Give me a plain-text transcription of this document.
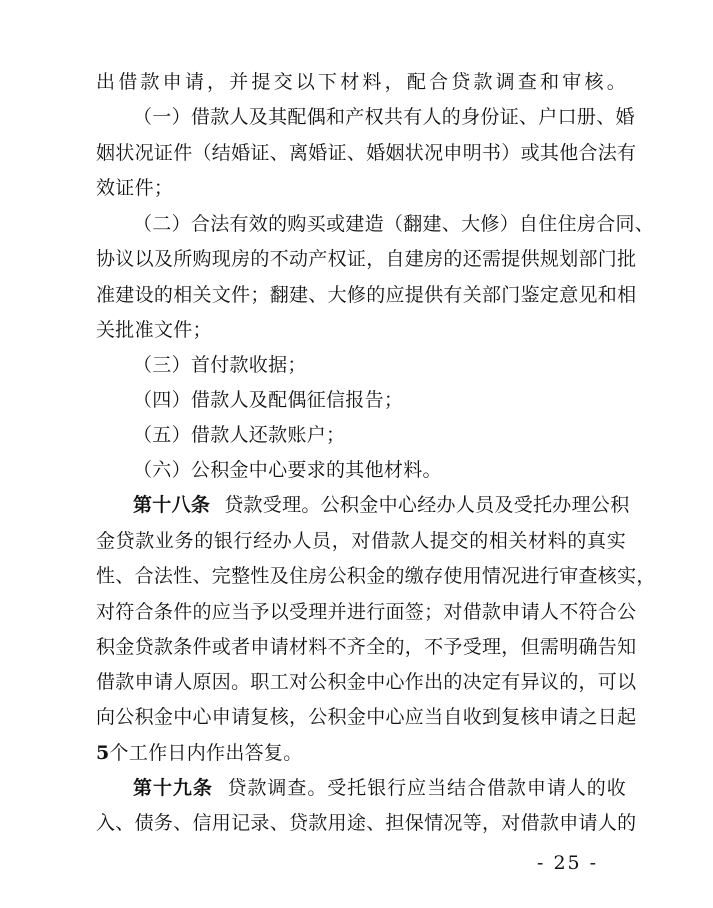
出借款申请，并提交以下材料，配合贷款调查和审核。
（一）借款人及其配偶和产权共有人的身份证、户口册、婚
姻状况证件（结婚证、离婚证、婚姻状况申明书）或其他合法有
效证件；
（二）合法有效的购买或建造（翻建、大修）自住住房合同、
协议以及所购现房的不动产权证，自建房的还需提供规划部门批
准建设的相关文件；翻建、大修的应提供有关部门鉴定意见和相
关批准文件；
（三）首付款收据；
（四）借款人及配偶征信报告；
（五）借款人还款账户；
（六）公积金中心要求的其他材料。
第十八条 贷款受理。公积金中心经办人员及受托办理公积
金贷款业务的银行经办人员，对借款人提交的相关材料的真实
性、合法性、完整性及住房公积金的缴存使用情况进行审查核实，
对符合条件的应当予以受理并进行面签；对借款申请人不符合公
积金贷款条件或者申请材料不齐全的，不予受理，但需明确告知
借款申请人原因。职工对公积金中心作出的决定有异议的，可以
向公积金中心申请复核，公积金中心应当自收到复核申请之日起
5个工作日内作出答复。
第十九条 贷款调查。受托银行应当结合借款申请人的收
入、债务、信用记录、贷款用途、担保情况等，对借款申请人的
- 25 -
